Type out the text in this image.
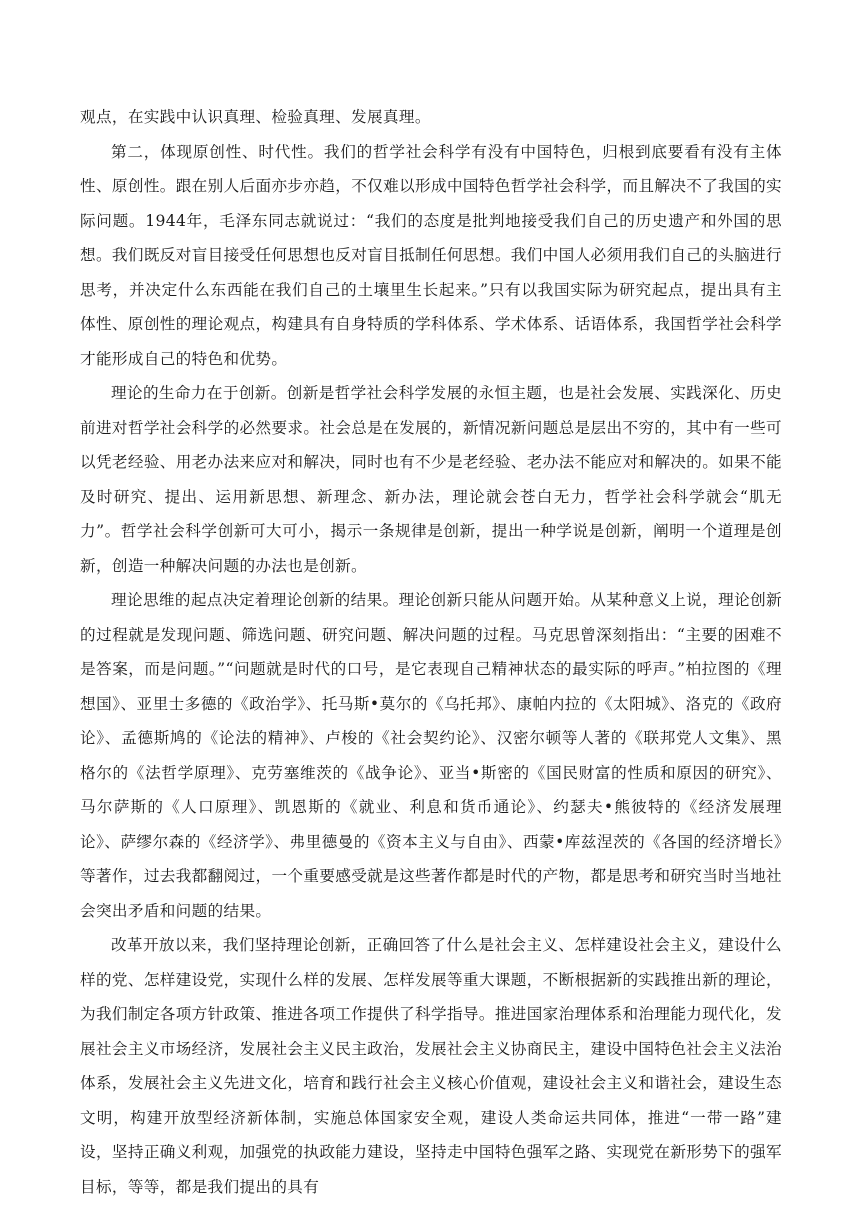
观点，在实践中认识真理、检验真理、发展真理。

第二，体现原创性、时代性。我们的哲学社会科学有没有中国特色，归根到底要看有没有主体性、原创性。跟在别人后面亦步亦趋，不仅难以形成中国特色哲学社会科学，而且解决不了我国的实际问题。1944年，毛泽东同志就说过：“我们的态度是批判地接受我们自己的历史遗产和外国的思想。我们既反对盲目接受任何思想也反对盲目抵制任何思想。我们中国人必须用我们自己的头脑进行思考，并决定什么东西能在我们自己的土壤里生长起来。”只有以我国实际为研究起点，提出具有主体性、原创性的理论观点，构建具有自身特质的学科体系、学术体系、话语体系，我国哲学社会科学才能形成自己的特色和优势。

理论的生命力在于创新。创新是哲学社会科学发展的永恒主题，也是社会发展、实践深化、历史前进对哲学社会科学的必然要求。社会总是在发展的，新情况新问题总是层出不穷的，其中有一些可以凭老经验、用老办法来应对和解决，同时也有不少是老经验、老办法不能应对和解决的。如果不能及时研究、提出、运用新思想、新理念、新办法，理论就会苍白无力，哲学社会科学就会“肌无力”。哲学社会科学创新可大可小，揭示一条规律是创新，提出一种学说是创新，阐明一个道理是创新，创造一种解决问题的办法也是创新。

理论思维的起点决定着理论创新的结果。理论创新只能从问题开始。从某种意义上说，理论创新的过程就是发现问题、筛选问题、研究问题、解决问题的过程。马克思曾深刻指出：“主要的困难不是答案，而是问题。”“问题就是时代的口号，是它表现自己精神状态的最实际的呼声。”柏拉图的《理想国》、亚里士多德的《政治学》、托马斯•莫尔的《乌托邦》、康帕内拉的《太阳城》、洛克的《政府论》、孟德斯鸠的《论法的精神》、卢梭的《社会契约论》、汉密尔顿等人著的《联邦党人文集》、黑格尔的《法哲学原理》、克劳塞维茨的《战争论》、亚当•斯密的《国民财富的性质和原因的研究》、马尔萨斯的《人口原理》、凯恩斯的《就业、利息和货币通论》、约瑟夫•熊彼特的《经济发展理论》、萨缪尔森的《经济学》、弗里德曼的《资本主义与自由》、西蒙•库兹涅茨的《各国的经济增长》等著作，过去我都翻阅过，一个重要感受就是这些著作都是时代的产物，都是思考和研究当时当地社会突出矛盾和问题的结果。

改革开放以来，我们坚持理论创新，正确回答了什么是社会主义、怎样建设社会主义，建设什么样的党、怎样建设党，实现什么样的发展、怎样发展等重大课题，不断根据新的实践推出新的理论，为我们制定各项方针政策、推进各项工作提供了科学指导。推进国家治理体系和治理能力现代化，发展社会主义市场经济，发展社会主义民主政治，发展社会主义协商民主，建设中国特色社会主义法治体系，发展社会主义先进文化，培育和践行社会主义核心价值观，建设社会主义和谐社会，建设生态文明，构建开放型经济新体制，实施总体国家安全观，建设人类命运共同体，推进“一带一路”建设，坚持正确义利观，加强党的执政能力建设，坚持走中国特色强军之路、实现党在新形势下的强军目标，等等，都是我们提出的具有
